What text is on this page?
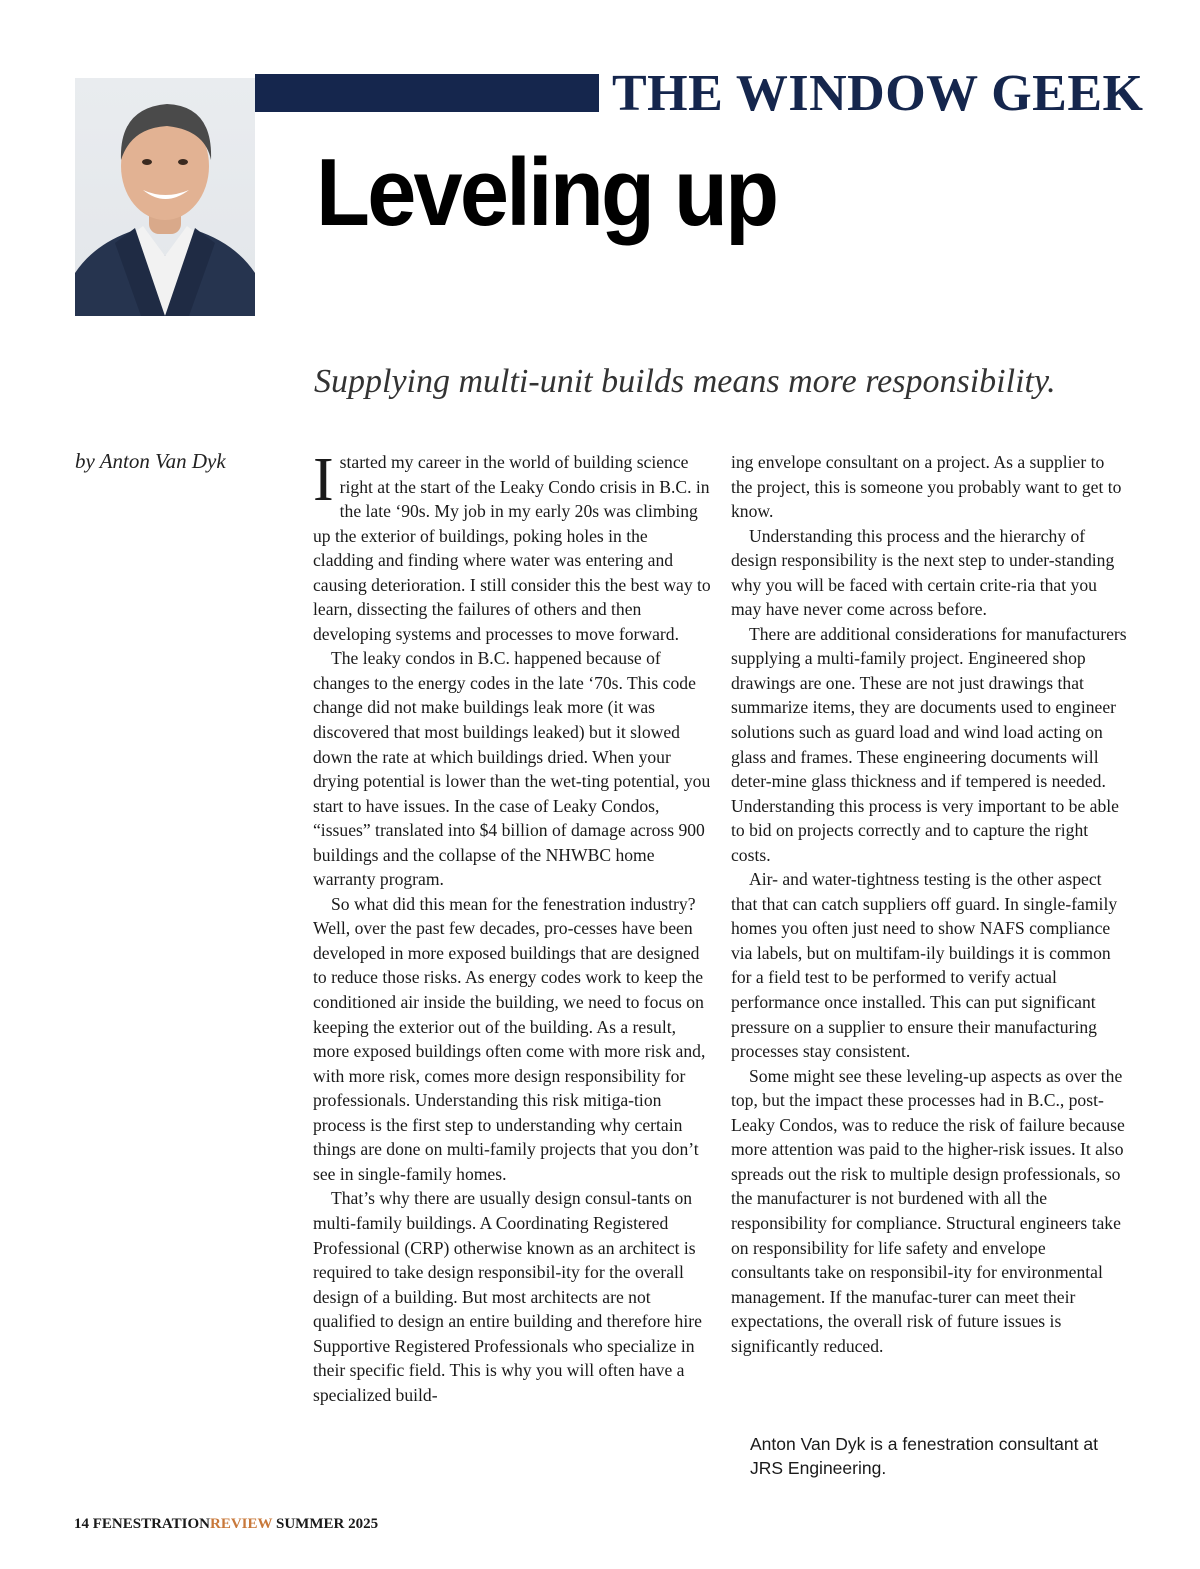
THE WINDOW GEEK
Leveling up

Supplying multi-unit builds means more responsibility.

by Anton Van Dyk I started my career in the world of building science right at the start of the Leaky Condo crisis in B.C. in the late ‘90s. My job in my early 20s was climbing up the exterior of buildings, poking holes in the cladding and finding where water was entering and causing deterioration. I still consider this the best way to learn, dissecting the failures of others and then developing systems and processes to move forward.

The leaky condos in B.C. happened because of changes to the energy codes in the late ‘70s. This code change did not make buildings leak more (it was discovered that most buildings leaked) but it slowed down the rate at which buildings dried. When your drying potential is lower than the wet-ting potential, you start to have issues. In the case of Leaky Condos, “issues” translated into $4 billion of damage across 900 buildings and the collapse of the NHWBC home warranty program.

So what did this mean for the fenestration industry? Well, over the past few decades, pro-cesses have been developed in more exposed buildings that are designed to reduce those risks. As energy codes work to keep the conditioned air inside the building, we need to focus on keeping the exterior out of the building. As a result, more exposed buildings often come with more risk and, with more risk, comes more design responsibility for professionals. Understanding this risk mitiga-tion process is the first step to understanding why certain things are done on multi-family projects that you don’t see in single-family homes.

That’s why there are usually design consul-tants on multi-family buildings. A Coordinating Registered Professional (CRP) otherwise known as an architect is required to take design responsibil-ity for the overall design of a building. But most architects are not qualified to design an entire building and therefore hire Supportive Registered Professionals who specialize in their specific field. This is why you will often have a specialized build-

ing envelope consultant on a project. As a supplier to the project, this is someone you probably want to get to know.

Understanding this process and the hierarchy of design responsibility is the next step to under-standing why you will be faced with certain crite-ria that you may have never come across before.

There are additional considerations for manufacturers supplying a multi-family project. Engineered shop drawings are one. These are not just drawings that summarize items, they are documents used to engineer solutions such as guard load and wind load acting on glass and frames. These engineering documents will deter-mine glass thickness and if tempered is needed. Understanding this process is very important to be able to bid on projects correctly and to capture the right costs.

Air- and water-tightness testing is the other aspect that that can catch suppliers off guard. In single-family homes you often just need to show NAFS compliance via labels, but on multifam-ily buildings it is common for a field test to be performed to verify actual performance once installed. This can put significant pressure on a supplier to ensure their manufacturing processes stay consistent.

Some might see these leveling-up aspects as over the top, but the impact these processes had in B.C., post-Leaky Condos, was to reduce the risk of failure because more attention was paid to the higher-risk issues. It also spreads out the risk to multiple design professionals, so the manufacturer is not burdened with all the responsibility for compliance. Structural engineers take on responsibility for life safety and envelope consultants take on responsibil-ity for environmental management. If the manufac-turer can meet their expectations, the overall risk of future issues is significantly reduced.

Anton Van Dyk is a fenestration consultant at JRS Engineering.

14 FENESTRATIONREVIEW SUMMER 2025
